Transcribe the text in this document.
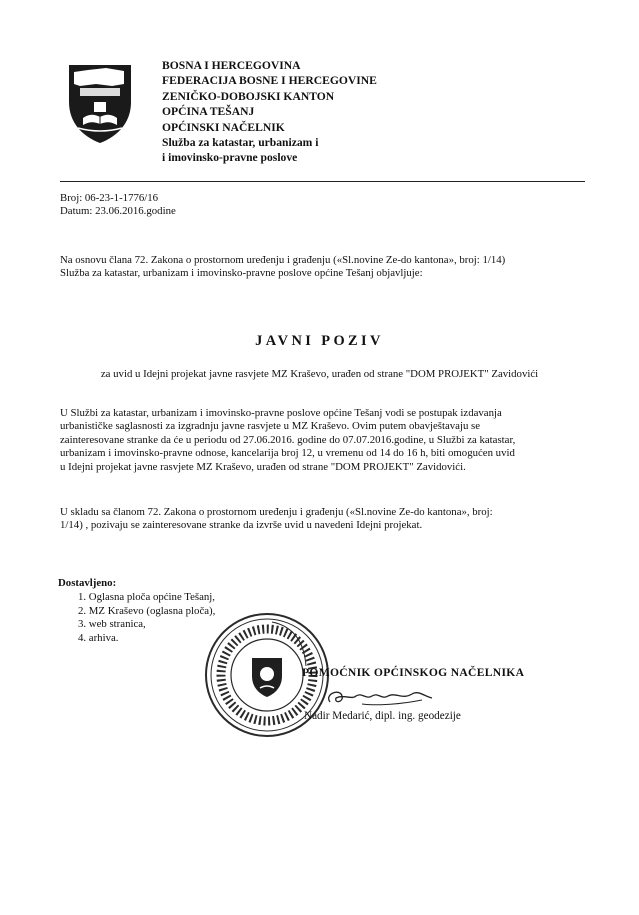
BOSNA I HERCEGOVINA
FEDERACIJA BOSNE I HERCEGOVINE
ZENIČKO-DOBOJSKI KANTON
OPĆINA TEŠANJ
OPĆINSKI NAČELNIK
Služba za katastar, urbanizam i
i imovinsko-pravne poslove
Broj: 06-23-1-1776/16
Datum: 23.06.2016.godine
Na osnovu člana 72. Zakona o prostornom uređenju i građenju («Sl.novine Ze-do kantona», broj: 1/14)
Služba za katastar, urbanizam i imovinsko-pravne poslove općine Tešanj objavljuje:
JAVNI POZIV
za uvid u Idejni projekat javne rasvjete MZ Kraševo, urađen od strane "DOM PROJEKT" Zavidovići
U Službi za katastar, urbanizam i imovinsko-pravne poslove općine Tešanj vodi se postupak izdavanja
urbanističke saglasnosti za izgradnju javne rasvjete u MZ Kraševo. Ovim putem obavještavaju se
zainteresovane stranke da će u periodu od 27.06.2016. godine do 07.07.2016.godine, u Službi za katastar,
urbanizam i imovinsko-pravne odnose, kancelarija broj 12, u vremenu od 14 do 16 h, biti omogućen uvid
u Idejni projekat javne rasvjete MZ Kraševo, urađen od strane "DOM PROJEKT" Zavidovići.
U skladu sa članom 72. Zakona o prostornom uređenju i građenju («Sl.novine Ze-do kantona», broj:
1/14) , pozivaju se zainteresovane stranke da izvrše uvid u navedeni Idejni projekat.
Dostavljeno:
1. Oglasna ploča općine Tešanj,
2. MZ Kraševo (oglasna ploča),
3. web stranica,
4. arhiva.
POMOĆNIK OPĆINSKOG NAČELNIKA
Nadir Medarić, dipl. ing. geodezije
